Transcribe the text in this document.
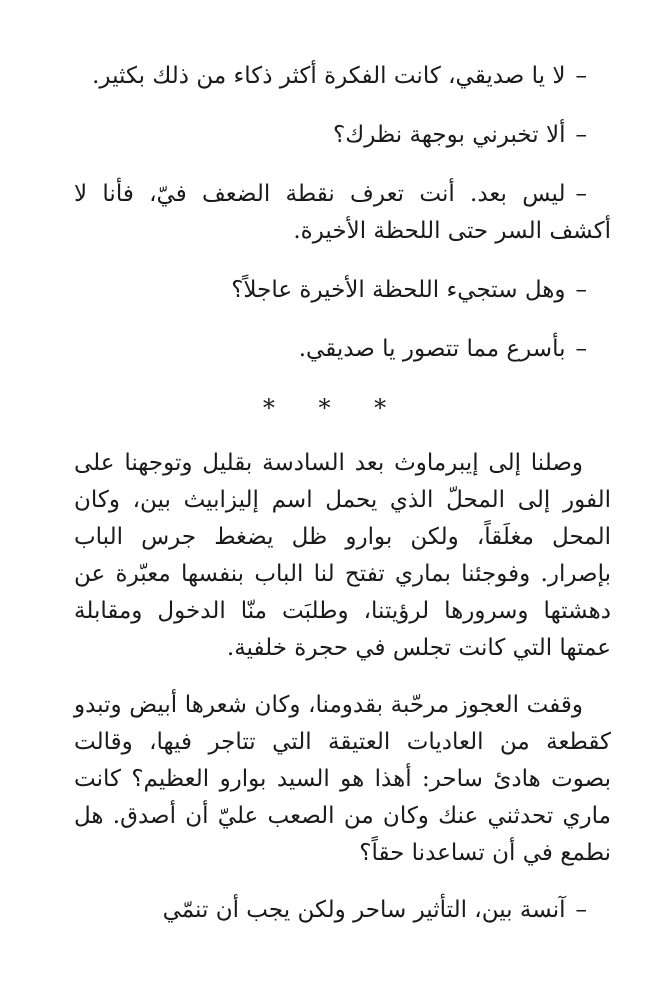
–لا يا صديقي، كانت الفكرة أكثر ذكاء من ذلك بكثير.
–ألا تخبرني بوجهة نظرك؟
–ليس بعد. أنت تعرف نقطة الضعف فيّ، فأنا لا أكشف السر حتى اللحظة الأخيرة.
–وهل ستجيء اللحظة الأخيرة عاجلاً؟
–بأسرع مما تتصور يا صديقي.
* * *

وصلنا إلى إيبرماوث بعد السادسة بقليل وتوجهنا على الفور إلى المحلّ الذي يحمل اسم إليزابيث بين، وكان المحل مغلَقاً، ولكن بوارو ظل يضغط جرس الباب بإصرار. وفوجئنا بماري تفتح لنا الباب بنفسها معبّرة عن دهشتها وسرورها لرؤيتنا، وطلبَت منّا الدخول ومقابلة عمتها التي كانت تجلس في حجرة خلفية.

وقفت العجوز مرحّبة بقدومنا، وكان شعرها أبيض وتبدو كقطعة من العاديات العتيقة التي تتاجر فيها، وقالت بصوت هادئ ساحر: أهذا هو السيد بوارو العظيم؟ كانت ماري تحدثني عنك وكان من الصعب عليّ أن أصدق. هل نطمع في أن تساعدنا حقاً؟

–آنسة بين، التأثير ساحر ولكن يجب أن تنمّي
